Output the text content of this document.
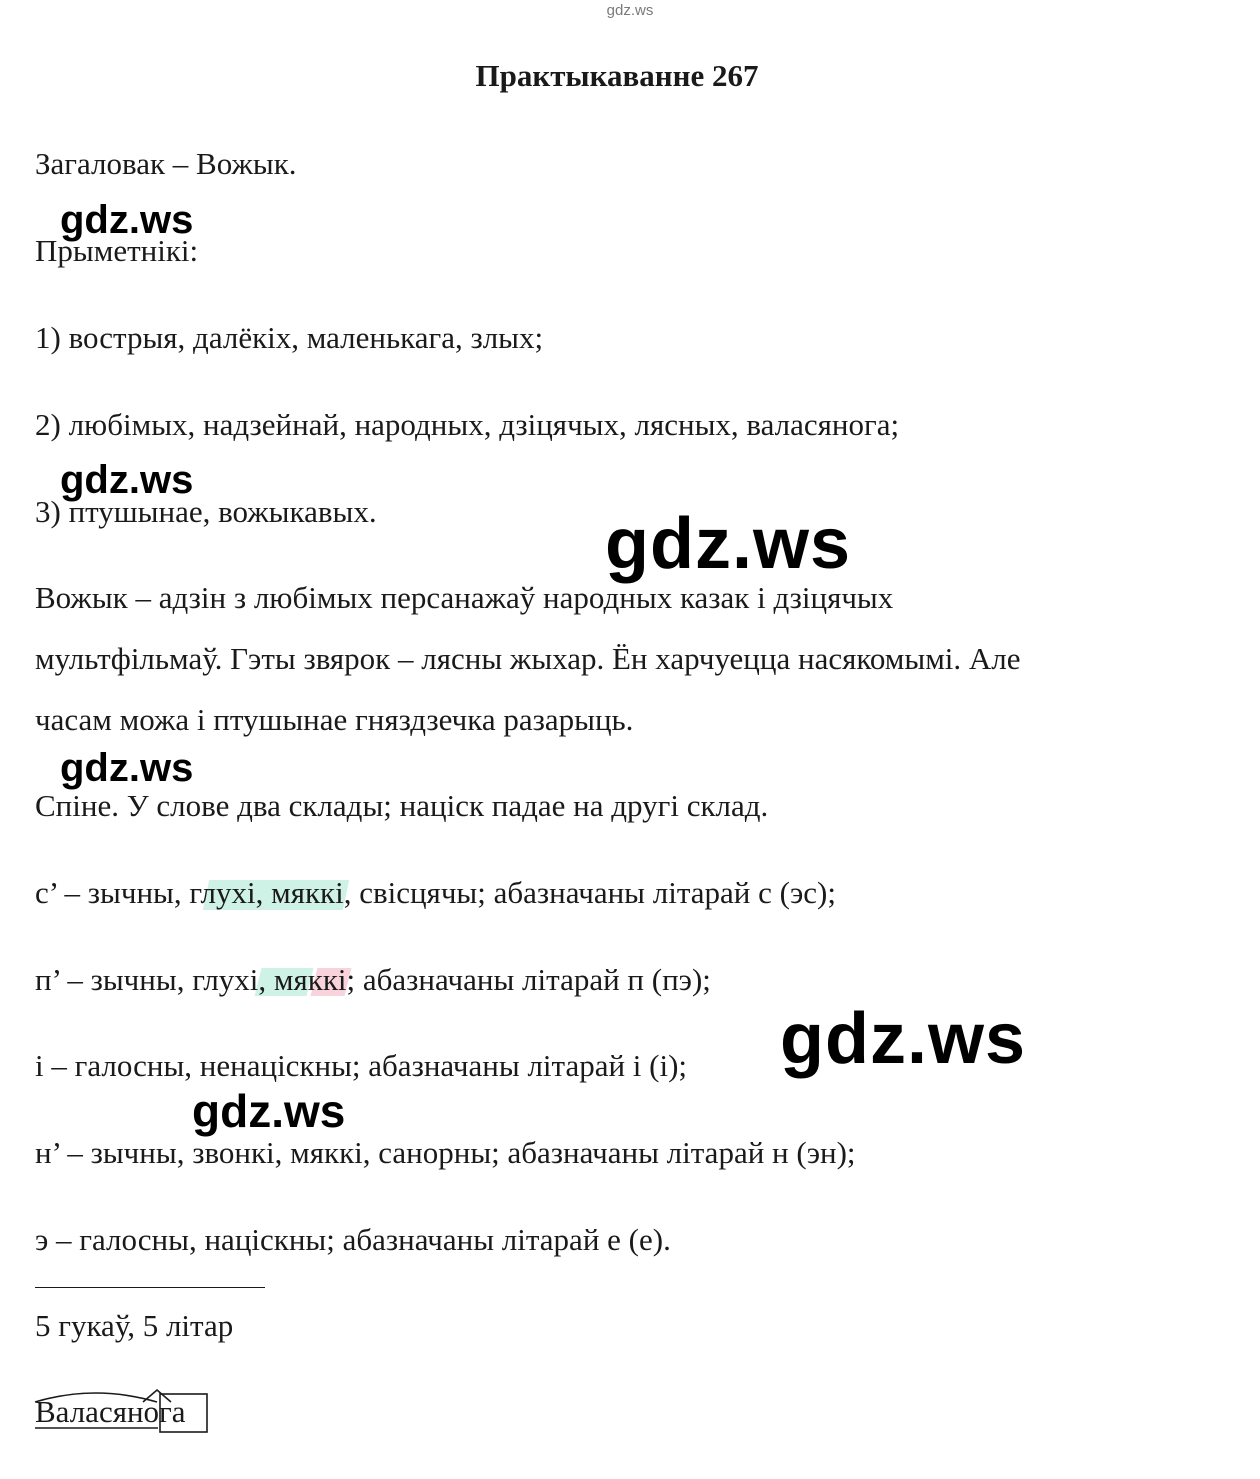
gdz.ws
Практыкаванне 267
Загаловак – Вожык.
Прыметнікі:
1) вострыя, далёкіх, маленькага, злых;
2) любімых, надзейнай, народных, дзіцячых, лясных, валасянога;
3) птушынае, вожыкавых.
Вожык – адзін з любімых персанажаў народных казак і дзіцячых
мультфільмаў. Гэты звярок – лясны жыхар. Ён харчуецца насякомымі. Але
часам можа і птушынае гняздзечка разарыць.
Спіне. У слове два склады; націск падае на другі склад.
с’ – зычны, глухі, мяккі, свісцячы; абазначаны літарай с (эс);
п’ – зычны, глухі, мяккі; абазначаны літарай п (пэ);
і – галосны, ненаціскны; абазначаны літарай і (і);
н’ – зычны, звонкі, мяккі, санорны; абазначаны літарай н (эн);
э – галосны, націскны; абазначаны літарай е (е).
5 гукаў, 5 літар
Валасянога
gdz.ws
gdz.ws
gdz.ws
gdz.ws
gdz.ws
gdz.ws
